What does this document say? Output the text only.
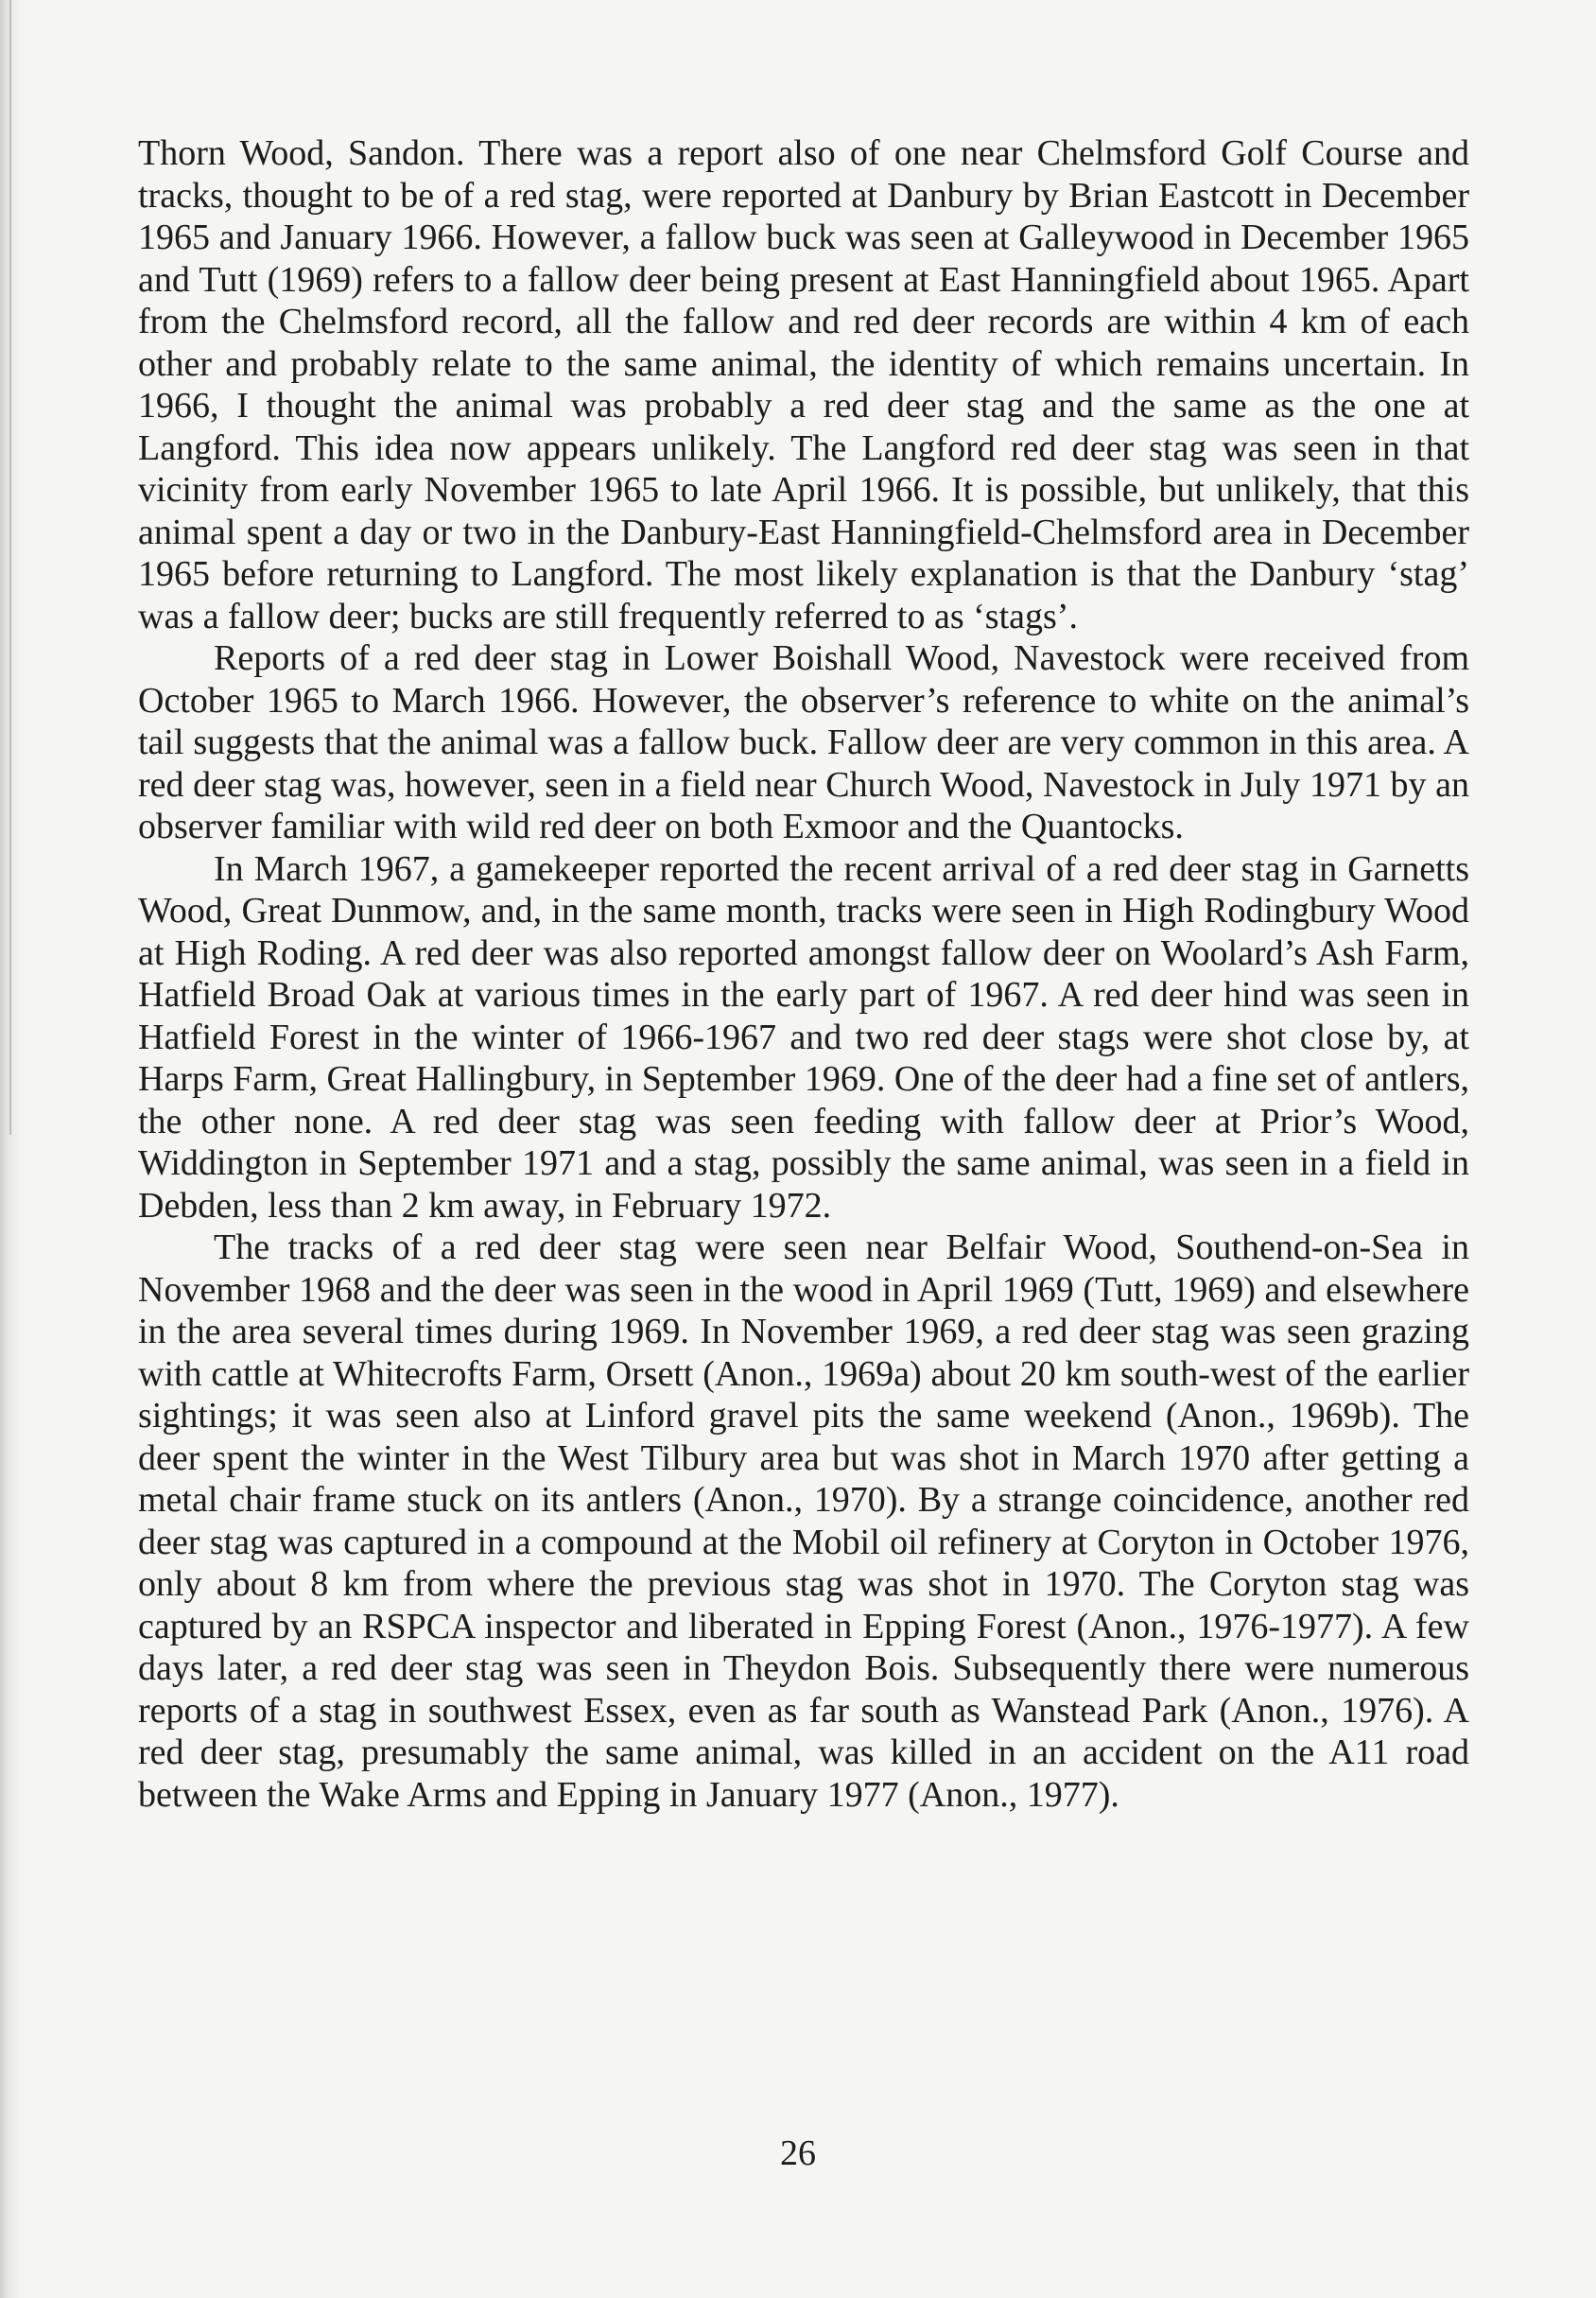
Thorn Wood, Sandon. There was a report also of one near Chelmsford Golf Course and tracks, thought to be of a red stag, were reported at Danbury by Brian Eastcott in December 1965 and January 1966. However, a fallow buck was seen at Galleywood in December 1965 and Tutt (1969) refers to a fallow deer being present at East Hanningfield about 1965. Apart from the Chelmsford record, all the fallow and red deer records are within 4 km of each other and probably relate to the same animal, the identity of which remains uncertain. In 1966, I thought the animal was probably a red deer stag and the same as the one at Langford. This idea now appears unlikely. The Langford red deer stag was seen in that vicinity from early November 1965 to late April 1966. It is possible, but unlikely, that this animal spent a day or two in the Danbury-East Hanningfield-Chelmsford area in December 1965 before returning to Langford. The most likely explanation is that the Danbury ‘stag’ was a fallow deer; bucks are still frequently referred to as ‘stags’.

Reports of a red deer stag in Lower Boishall Wood, Navestock were received from October 1965 to March 1966. However, the observer’s reference to white on the animal’s tail suggests that the animal was a fallow buck. Fallow deer are very common in this area. A red deer stag was, however, seen in a field near Church Wood, Navestock in July 1971 by an observer familiar with wild red deer on both Exmoor and the Quantocks.

In March 1967, a gamekeeper reported the recent arrival of a red deer stag in Garnetts Wood, Great Dunmow, and, in the same month, tracks were seen in High Rodingbury Wood at High Roding. A red deer was also reported amongst fallow deer on Woolard’s Ash Farm, Hatfield Broad Oak at various times in the early part of 1967. A red deer hind was seen in Hatfield Forest in the winter of 1966-1967 and two red deer stags were shot close by, at Harps Farm, Great Hallingbury, in September 1969. One of the deer had a fine set of antlers, the other none. A red deer stag was seen feeding with fallow deer at Prior’s Wood, Widdington in September 1971 and a stag, possibly the same animal, was seen in a field in Debden, less than 2 km away, in February 1972.

The tracks of a red deer stag were seen near Belfair Wood, Southend-on-Sea in November 1968 and the deer was seen in the wood in April 1969 (Tutt, 1969) and elsewhere in the area several times during 1969. In November 1969, a red deer stag was seen grazing with cattle at Whitecrofts Farm, Orsett (Anon., 1969a) about 20 km south-west of the earlier sightings; it was seen also at Linford gravel pits the same weekend (Anon., 1969b). The deer spent the winter in the West Tilbury area but was shot in March 1970 after getting a metal chair frame stuck on its antlers (Anon., 1970). By a strange coincidence, another red deer stag was captured in a compound at the Mobil oil refinery at Coryton in October 1976, only about 8 km from where the previous stag was shot in 1970. The Coryton stag was captured by an RSPCA inspector and liberated in Epping Forest (Anon., 1976-1977). A few days later, a red deer stag was seen in Theydon Bois. Subsequently there were numerous reports of a stag in southwest Essex, even as far south as Wanstead Park (Anon., 1976). A red deer stag, presumably the same animal, was killed in an accident on the A11 road between the Wake Arms and Epping in January 1977 (Anon., 1977).

26
